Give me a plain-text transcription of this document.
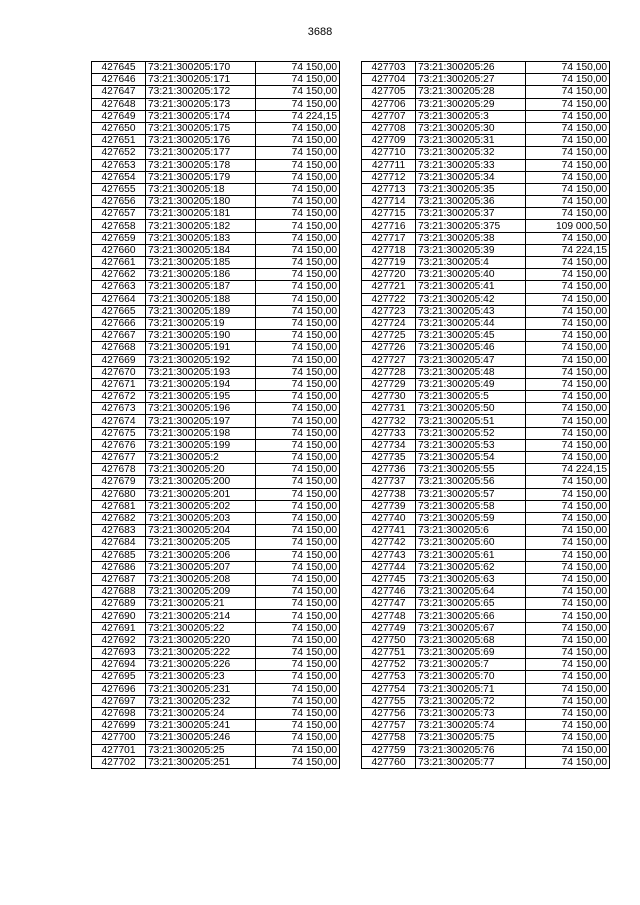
3688
427645	73:21:300205:170	74 150,00
427646	73:21:300205:171	74 150,00
427647	73:21:300205:172	74 150,00
427648	73:21:300205:173	74 150,00
427649	73:21:300205:174	74 224,15
427650	73:21:300205:175	74 150,00
427651	73:21:300205:176	74 150,00
427652	73:21:300205:177	74 150,00
427653	73:21:300205:178	74 150,00
427654	73:21:300205:179	74 150,00
427655	73:21:300205:18	74 150,00
427656	73:21:300205:180	74 150,00
427657	73:21:300205:181	74 150,00
427658	73:21:300205:182	74 150,00
427659	73:21:300205:183	74 150,00
427660	73:21:300205:184	74 150,00
427661	73:21:300205:185	74 150,00
427662	73:21:300205:186	74 150,00
427663	73:21:300205:187	74 150,00
427664	73:21:300205:188	74 150,00
427665	73:21:300205:189	74 150,00
427666	73:21:300205:19	74 150,00
427667	73:21:300205:190	74 150,00
427668	73:21:300205:191	74 150,00
427669	73:21:300205:192	74 150,00
427670	73:21:300205:193	74 150,00
427671	73:21:300205:194	74 150,00
427672	73:21:300205:195	74 150,00
427673	73:21:300205:196	74 150,00
427674	73:21:300205:197	74 150,00
427675	73:21:300205:198	74 150,00
427676	73:21:300205:199	74 150,00
427677	73:21:300205:2	74 150,00
427678	73:21:300205:20	74 150,00
427679	73:21:300205:200	74 150,00
427680	73:21:300205:201	74 150,00
427681	73:21:300205:202	74 150,00
427682	73:21:300205:203	74 150,00
427683	73:21:300205:204	74 150,00
427684	73:21:300205:205	74 150,00
427685	73:21:300205:206	74 150,00
427686	73:21:300205:207	74 150,00
427687	73:21:300205:208	74 150,00
427688	73:21:300205:209	74 150,00
427689	73:21:300205:21	74 150,00
427690	73:21:300205:214	74 150,00
427691	73:21:300205:22	74 150,00
427692	73:21:300205:220	74 150,00
427693	73:21:300205:222	74 150,00
427694	73:21:300205:226	74 150,00
427695	73:21:300205:23	74 150,00
427696	73:21:300205:231	74 150,00
427697	73:21:300205:232	74 150,00
427698	73:21:300205:24	74 150,00
427699	73:21:300205:241	74 150,00
427700	73:21:300205:246	74 150,00
427701	73:21:300205:25	74 150,00
427702	73:21:300205:251	74 150,00
427703	73:21:300205:26	74 150,00
427704	73:21:300205:27	74 150,00
427705	73:21:300205:28	74 150,00
427706	73:21:300205:29	74 150,00
427707	73:21:300205:3	74 150,00
427708	73:21:300205:30	74 150,00
427709	73:21:300205:31	74 150,00
427710	73:21:300205:32	74 150,00
427711	73:21:300205:33	74 150,00
427712	73:21:300205:34	74 150,00
427713	73:21:300205:35	74 150,00
427714	73:21:300205:36	74 150,00
427715	73:21:300205:37	74 150,00
427716	73:21:300205:375	109 000,50
427717	73:21:300205:38	74 150,00
427718	73:21:300205:39	74 224,15
427719	73:21:300205:4	74 150,00
427720	73:21:300205:40	74 150,00
427721	73:21:300205:41	74 150,00
427722	73:21:300205:42	74 150,00
427723	73:21:300205:43	74 150,00
427724	73:21:300205:44	74 150,00
427725	73:21:300205:45	74 150,00
427726	73:21:300205:46	74 150,00
427727	73:21:300205:47	74 150,00
427728	73:21:300205:48	74 150,00
427729	73:21:300205:49	74 150,00
427730	73:21:300205:5	74 150,00
427731	73:21:300205:50	74 150,00
427732	73:21:300205:51	74 150,00
427733	73:21:300205:52	74 150,00
427734	73:21:300205:53	74 150,00
427735	73:21:300205:54	74 150,00
427736	73:21:300205:55	74 224,15
427737	73:21:300205:56	74 150,00
427738	73:21:300205:57	74 150,00
427739	73:21:300205:58	74 150,00
427740	73:21:300205:59	74 150,00
427741	73:21:300205:6	74 150,00
427742	73:21:300205:60	74 150,00
427743	73:21:300205:61	74 150,00
427744	73:21:300205:62	74 150,00
427745	73:21:300205:63	74 150,00
427746	73:21:300205:64	74 150,00
427747	73:21:300205:65	74 150,00
427748	73:21:300205:66	74 150,00
427749	73:21:300205:67	74 150,00
427750	73:21:300205:68	74 150,00
427751	73:21:300205:69	74 150,00
427752	73:21:300205:7	74 150,00
427753	73:21:300205:70	74 150,00
427754	73:21:300205:71	74 150,00
427755	73:21:300205:72	74 150,00
427756	73:21:300205:73	74 150,00
427757	73:21:300205:74	74 150,00
427758	73:21:300205:75	74 150,00
427759	73:21:300205:76	74 150,00
427760	73:21:300205:77	74 150,00
